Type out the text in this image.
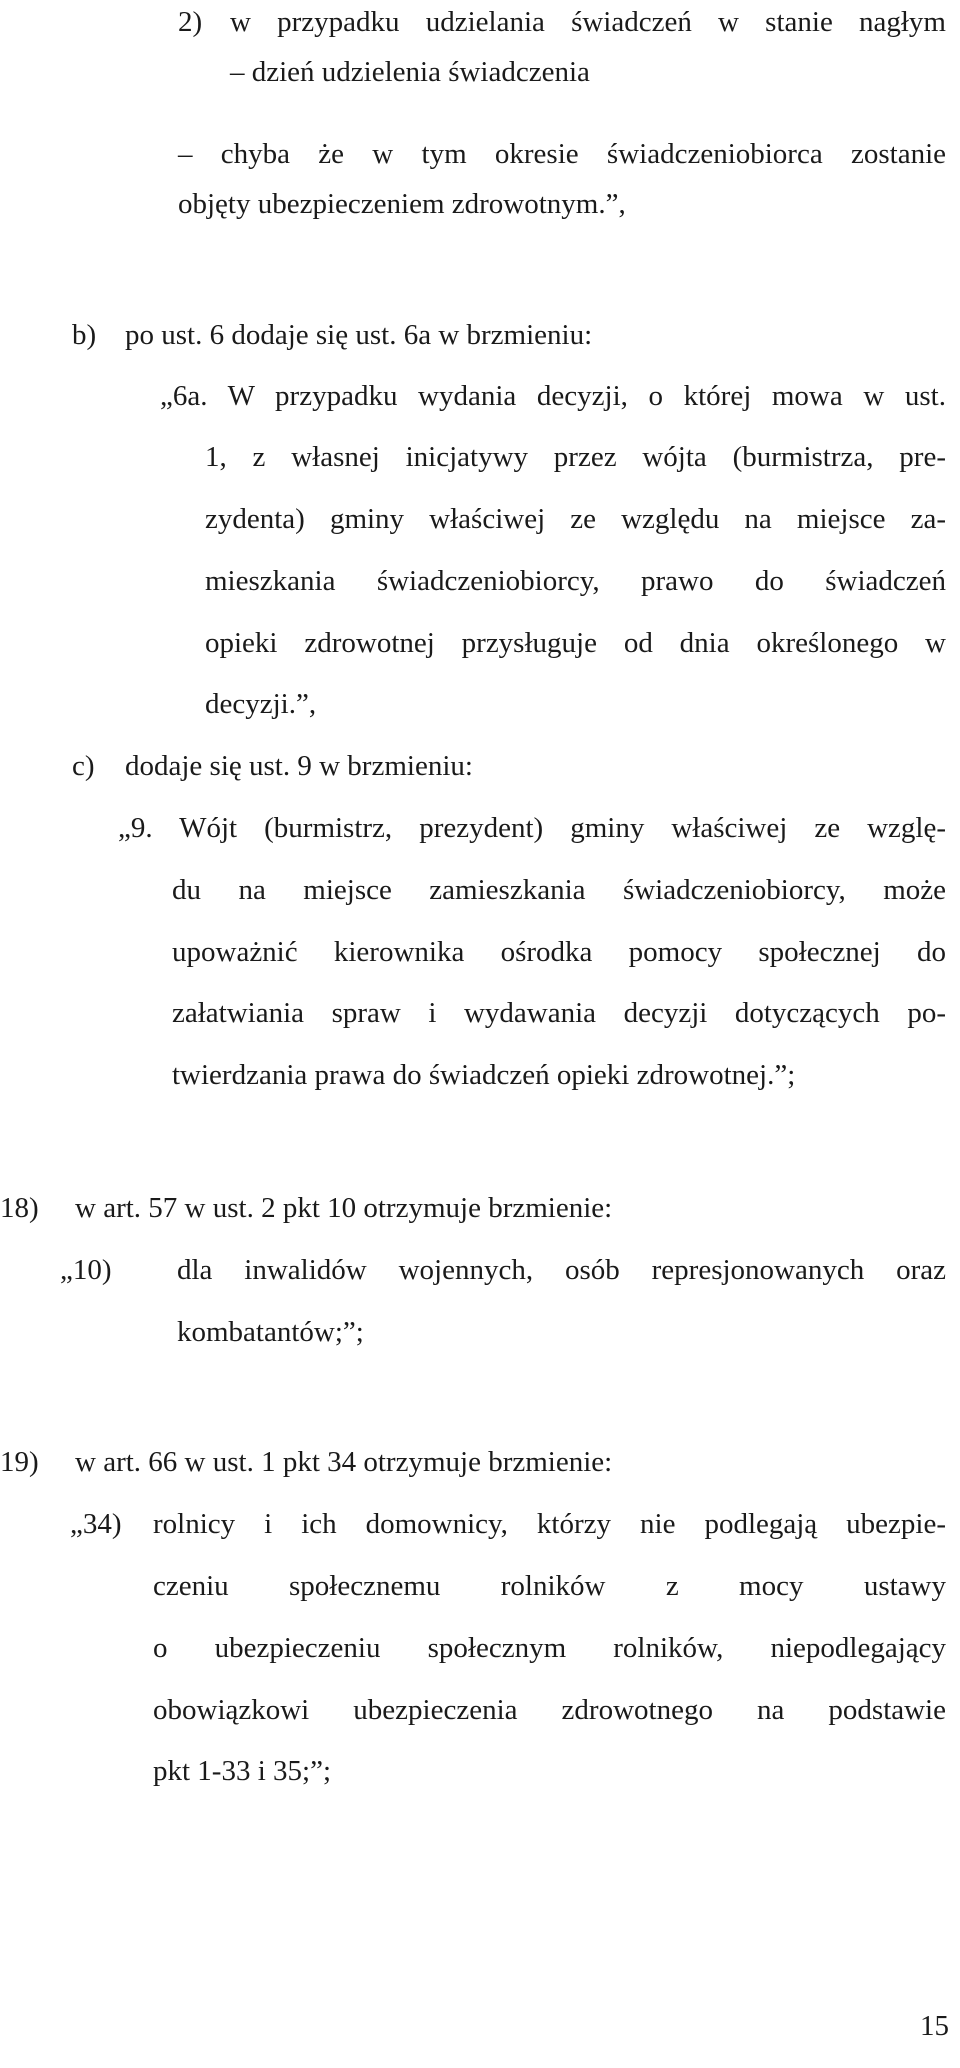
2) w przypadku udzielania świadczeń w stanie nagłym
– dzień udzielenia świadczenia
– chyba że w tym okresie świadczeniobiorca zostanie
objęty ubezpieczeniem zdrowotnym.”,
b) po ust. 6 dodaje się ust. 6a w brzmieniu:
„6a. W przypadku wydania decyzji, o której mowa w ust.
1, z własnej inicjatywy przez wójta (burmistrza, pre-
zydenta) gminy właściwej ze względu na miejsce za-
mieszkania świadczeniobiorcy, prawo do świadczeń
opieki zdrowotnej przysługuje od dnia określonego w
decyzji.”,
c) dodaje się ust. 9 w brzmieniu:
„9. Wójt (burmistrz, prezydent) gminy właściwej ze wzglę-
du na miejsce zamieszkania świadczeniobiorcy, może
upoważnić kierownika ośrodka pomocy społecznej do
załatwiania spraw i wydawania decyzji dotyczących po-
twierdzania prawa do świadczeń opieki zdrowotnej.”;
18) w art. 57 w ust. 2 pkt 10 otrzymuje brzmienie:
„10) dla inwalidów wojennych, osób represjonowanych oraz
kombatantów;”;
19) w art. 66 w ust. 1 pkt 34 otrzymuje brzmienie:
„34) rolnicy i ich domownicy, którzy nie podlegają ubezpie-
czeniu społecznemu rolników z mocy ustawy
o ubezpieczeniu społecznym rolników, niepodlegający
obowiązkowi ubezpieczenia zdrowotnego na podstawie
pkt 1-33 i 35;”;
15
